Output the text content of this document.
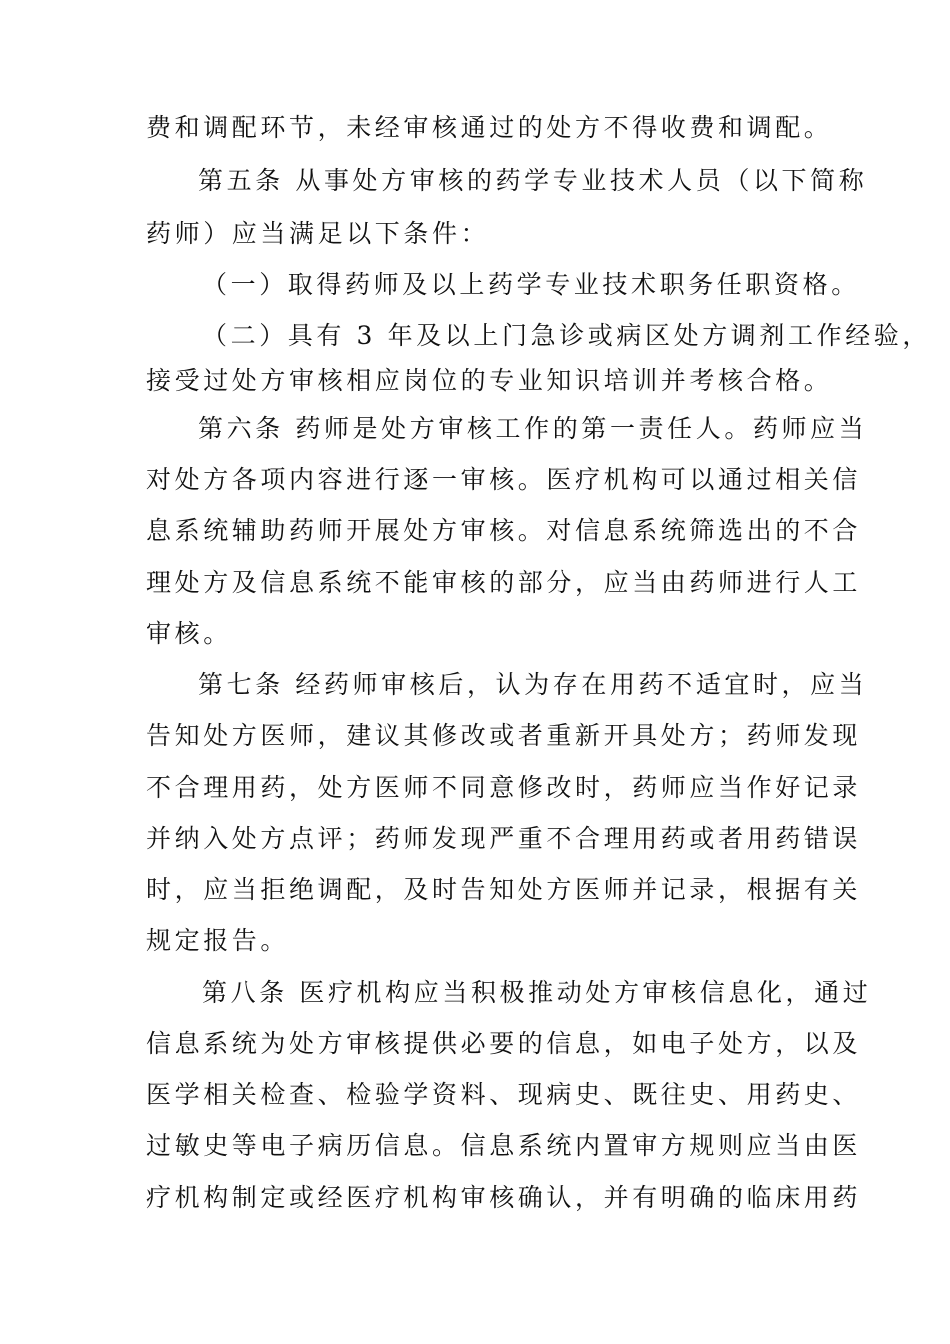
费和调配环节，未经审核通过的处方不得收费和调配。
第五条 从事处方审核的药学专业技术人员（以下简称
药师）应当满足以下条件：
（一）取得药师及以上药学专业技术职务任职资格。
（二）具有 3 年及以上门急诊或病区处方调剂工作经验，
接受过处方审核相应岗位的专业知识培训并考核合格。
第六条 药师是处方审核工作的第一责任人。药师应当
对处方各项内容进行逐一审核。医疗机构可以通过相关信
息系统辅助药师开展处方审核。对信息系统筛选出的不合
理处方及信息系统不能审核的部分，应当由药师进行人工
审核。
第七条 经药师审核后，认为存在用药不适宜时，应当
告知处方医师，建议其修改或者重新开具处方；药师发现
不合理用药，处方医师不同意修改时，药师应当作好记录
并纳入处方点评；药师发现严重不合理用药或者用药错误
时，应当拒绝调配，及时告知处方医师并记录，根据有关
规定报告。
第八条 医疗机构应当积极推动处方审核信息化，通过
信息系统为处方审核提供必要的信息，如电子处方，以及
医学相关检查、检验学资料、现病史、既往史、用药史、
过敏史等电子病历信息。信息系统内置审方规则应当由医
疗机构制定或经医疗机构审核确认，并有明确的临床用药
